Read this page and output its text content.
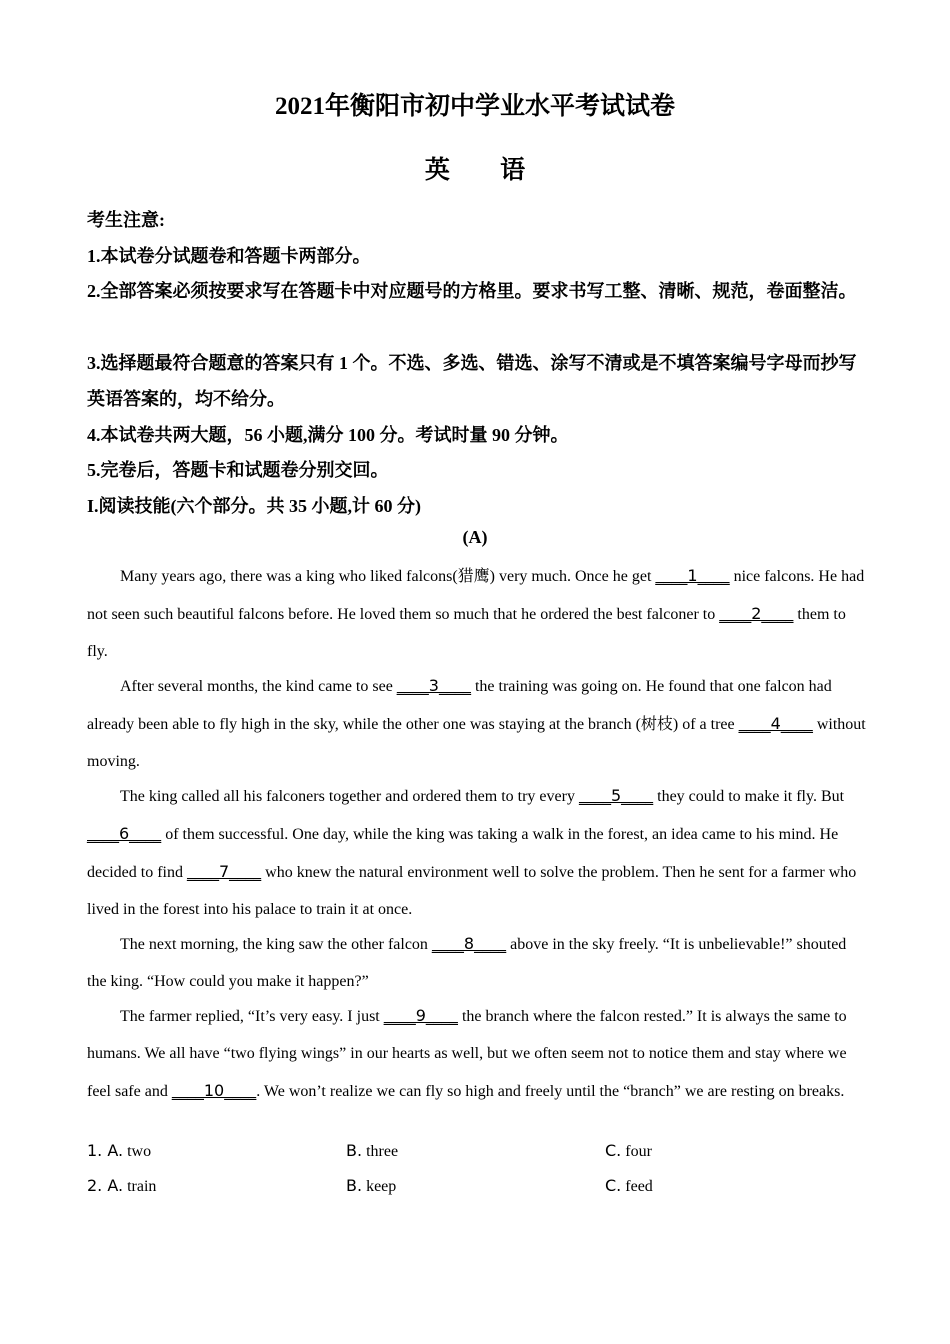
2021年衡阳市初中学业水平考试试卷
英 语
考生注意:
1.本试卷分试题卷和答题卡两部分。
2.全部答案必须按要求写在答题卡中对应题号的方格里。要求书写工整、清晰、规范，卷面整洁。
3.选择题最符合题意的答案只有 1 个。不选、多选、错选、涂写不清或是不填答案编号字母而抄写英语答案的，均不给分。
4.本试卷共两大题，56 小题,满分 100 分。考试时量 90 分钟。
5.完卷后，答题卡和试题卷分别交回。
I.阅读技能(六个部分。共 35 小题,计 60 分)
(A)

Many years ago, there was a king who liked falcons(猎鹰) very much. Once he get ____1____ nice falcons. He had not seen such beautiful falcons before. He loved them so much that he ordered the best falconer to ____2____ them to fly.

After several months, the kind came to see ____3____ the training was going on. He found that one falcon had already been able to fly high in the sky, while the other one was staying at the branch (树枝) of a tree ____4____ without moving.

The king called all his falconers together and ordered them to try every ____5____ they could to make it fly. But ____6____ of them successful. One day, while the king was taking a walk in the forest, an idea came to his mind. He decided to find ____7____ who knew the natural environment well to solve the problem. Then he sent for a farmer who lived in the forest into his palace to train it at once.

The next morning, the king saw the other falcon ____8____ above in the sky freely. “It is unbelievable!” shouted the king. “How could you make it happen?”

The farmer replied, “It’s very easy. I just ____9____ the branch where the falcon rested.” It is always the same to humans. We all have “two flying wings” in our hearts as well, but we often seem not to notice them and stay where we feel safe and ____10____. We won’t realize we can fly so high and freely until the “branch” we are resting on breaks.

1. A. two	B. three	C. four
2. A. train	B. keep	C. feed
